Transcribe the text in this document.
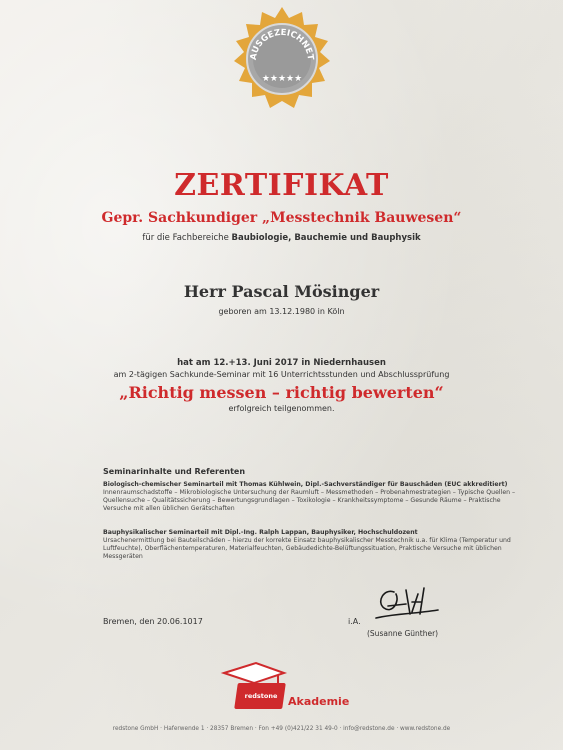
AUSGEZEICHNET
★★★★★
ZERTIFIKAT
Gepr. Sachkundiger „Messtechnik Bauwesen“
für die Fachbereiche Baubiologie, Bauchemie und Bauphysik
Herr Pascal Mösinger
geboren am 13.12.1980 in Köln
hat am 12.+13. Juni 2017 in Niedernhausen
am 2-tägigen Sachkunde-Seminar mit 16 Unterrichtsstunden und Abschlussprüfung
„Richtig messen – richtig bewerten“
erfolgreich teilgenommen.
Seminarinhalte und Referenten
Biologisch-chemischer Seminarteil mit Thomas Kühlwein, Dipl.-Sachverständiger für Bauschäden (EUC akkreditiert)
Innenraumschadstoffe – Mikrobiologische Untersuchung der Raumluft – Messmethoden – Probenahmestrategien – Typische Quellen – Quellensuche – Qualitätssicherung – Bewertungsgrundlagen – Toxikologie – Krankheitssymptome – Gesunde Räume – Praktische Versuche mit allen üblichen Gerätschaften
Bauphysikalischer Seminarteil mit Dipl.-Ing. Ralph Lappan, Bauphysiker, Hochschuldozent
Ursachenermittlung bei Bauteilschäden – hierzu der korrekte Einsatz bauphysikalischer Messtechnik u.a. für Klima (Temperatur und Luftfeuchte), Oberflächentemperaturen, Materialfeuchten, Gebäudedichte-Belüftungssituation, Praktische Versuche mit üblichen Messgeräten
Bremen, den 20.06.1017	i.A.
(Susanne Günther)
redstone Akademie
redstone GmbH · Haferwende 1 · 28357 Bremen · Fon +49 (0)421/22 31 49-0 · info@redstone.de · www.redstone.de
